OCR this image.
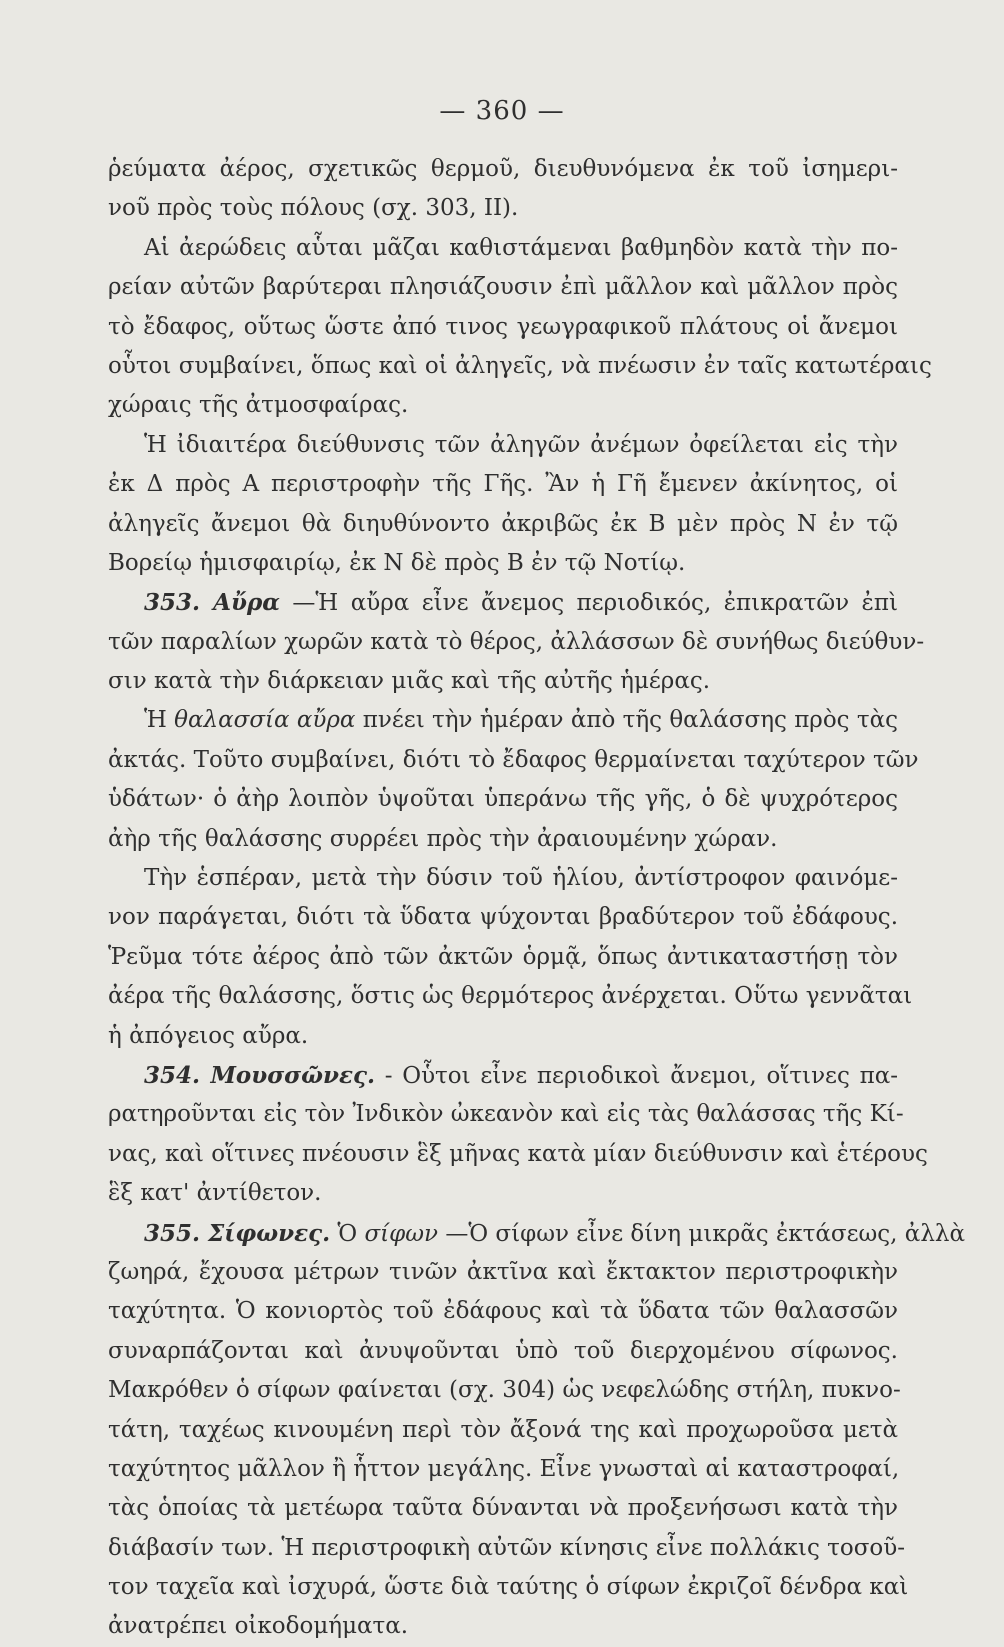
— 360 —
ῥεύματα ἀέρος, σχετικῶς θερμοῦ, διευθυνόμενα ἐκ τοῦ ἰσημερι-
νοῦ πρὸς τοὺς πόλους (σχ. 303, II).
Αἱ ἀερώδεις αὗται μᾶζαι καθιστάμεναι βαθμηδὸν κατὰ τὴν πο-
ρείαν αὐτῶν βαρύτεραι πλησιάζουσιν ἐπὶ μᾶλλον καὶ μᾶλλον πρὸς
τὸ ἔδαφος, οὕτως ὥστε ἀπό τινος γεωγραφικοῦ πλάτους οἱ ἄνεμοι
οὗτοι συμβαίνει, ὅπως καὶ οἱ ἀληγεῖς, νὰ πνέωσιν ἐν ταῖς κατωτέραις
χώραις τῆς ἀτμοσφαίρας.
Ἡ ἰδιαιτέρα διεύθυνσις τῶν ἀληγῶν ἀνέμων ὀφείλεται εἰς τὴν
ἐκ Δ πρὸς Α περιστροφὴν τῆς Γῆς. Ἂν ἡ Γῆ ἔμενεν ἀκίνητος, οἱ
ἀληγεῖς ἄνεμοι θὰ διηυθύνοντο ἀκριβῶς ἐκ Β μὲν πρὸς Ν ἐν τῷ
Βορείῳ ἡμισφαιρίῳ, ἐκ Ν δὲ πρὸς Β ἐν τῷ Νοτίῳ.
353. Αὔρα —Ἡ αὔρα εἶνε ἄνεμος περιοδικός, ἐπικρατῶν ἐπὶ
τῶν παραλίων χωρῶν κατὰ τὸ θέρος, ἀλλάσσων δὲ συνήθως διεύθυν-
σιν κατὰ τὴν διάρκειαν μιᾶς καὶ τῆς αὐτῆς ἡμέρας.
Ἡ θαλασσία αὔρα πνέει τὴν ἡμέραν ἀπὸ τῆς θαλάσσης πρὸς τὰς
ἀκτάς. Τοῦτο συμβαίνει, διότι τὸ ἔδαφος θερμαίνεται ταχύτερον τῶν
ὑδάτων· ὁ ἀὴρ λοιπὸν ὑψοῦται ὑπεράνω τῆς γῆς, ὁ δὲ ψυχρότερος
ἀὴρ τῆς θαλάσσης συρρέει πρὸς τὴν ἀραιουμένην χώραν.
Τὴν ἑσπέραν, μετὰ τὴν δύσιν τοῦ ἡλίου, ἀντίστροφον φαινόμε-
νον παράγεται, διότι τὰ ὕδατα ψύχονται βραδύτερον τοῦ ἐδάφους.
Ῥεῦμα τότε ἀέρος ἀπὸ τῶν ἀκτῶν ὁρμᾷ, ὅπως ἀντικαταστήσῃ τὸν
ἀέρα τῆς θαλάσσης, ὅστις ὡς θερμότερος ἀνέρχεται. Οὕτω γεννᾶται
ἡ ἀπόγειος αὔρα.
354. Μουσσῶνες. - Οὗτοι εἶνε περιοδικοὶ ἄνεμοι, οἵτινες πα-
ρατηροῦνται εἰς τὸν Ἰνδικὸν ὠκεανὸν καὶ εἰς τὰς θαλάσσας τῆς Κί-
νας, καὶ οἵτινες πνέουσιν ἓξ μῆνας κατὰ μίαν διεύθυνσιν καὶ ἑτέρους
ἓξ κατ' ἀντίθετον.
355. Σίφωνες. Ὁ σίφων —Ὁ σίφων εἶνε δίνη μικρᾶς ἐκτάσεως, ἀλλὰ
ζωηρά, ἔχουσα μέτρων τινῶν ἀκτῖνα καὶ ἔκτακτον περιστροφικὴν
ταχύτητα. Ὁ κονιορτὸς τοῦ ἐδάφους καὶ τὰ ὕδατα τῶν θαλασσῶν
συναρπάζονται καὶ ἀνυψοῦνται ὑπὸ τοῦ διερχομένου σίφωνος.
Μακρόθεν ὁ σίφων φαίνεται (σχ. 304) ὡς νεφελώδης στήλη, πυκνο-
τάτη, ταχέως κινουμένη περὶ τὸν ἄξονά της καὶ προχωροῦσα μετὰ
ταχύτητος μᾶλλον ἢ ἧττον μεγάλης. Εἶνε γνωσταὶ αἱ καταστροφαί,
τὰς ὁποίας τὰ μετέωρα ταῦτα δύνανται νὰ προξενήσωσι κατὰ τὴν
διάβασίν των. Ἡ περιστροφικὴ αὐτῶν κίνησις εἶνε πολλάκις τοσοῦ-
τον ταχεῖα καὶ ἰσχυρά, ὥστε διὰ ταύτης ὁ σίφων ἐκριζοῖ δένδρα καὶ
ἀνατρέπει οἰκοδομήματα.
